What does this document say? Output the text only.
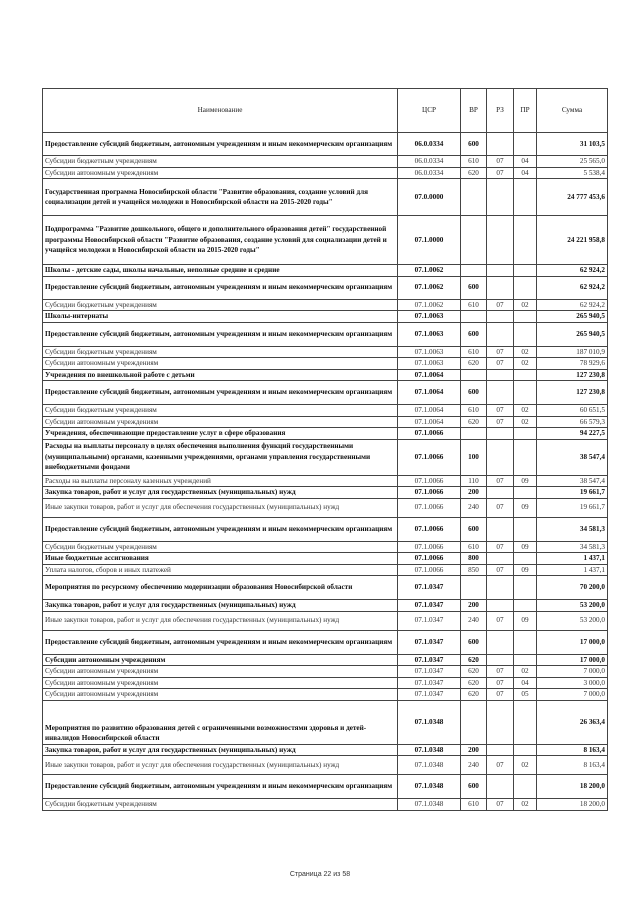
Наименование	ЦСР	ВР	РЗ	ПР	Сумма
Предоставление субсидий бюджетным, автономным учреждениям и иным некоммерческим организациям	06.0.0334	600			31 103,5
Субсидии бюджетным учреждениям	06.0.0334	610	07	04	25 565,0
Субсидии автономным учреждениям	06.0.0334	620	07	04	5 538,4
Государственная программа Новосибирской области "Развитие образования, создание условий для социализации детей и учащейся молодежи в Новосибирской области на 2015-2020 годы"	07.0.0000				24 777 453,6
Подпрограмма "Развитие дошкольного, общего и дополнительного образования детей" государственной программы Новосибирской области "Развитие образования, создание условий для социализации детей и учащейся молодежи в Новосибирской области на 2015-2020 годы"	07.1.0000				24 221 958,8
Школы - детские сады, школы начальные, неполные средние и средние	07.1.0062				62 924,2
Предоставление субсидий бюджетным, автономным учреждениям и иным некоммерческим организациям	07.1.0062	600			62 924,2
Субсидии бюджетным учреждениям	07.1.0062	610	07	02	62 924,2
Школы-интернаты	07.1.0063				265 940,5
Предоставление субсидий бюджетным, автономным учреждениям и иным некоммерческим организациям	07.1.0063	600			265 940,5
Субсидии бюджетным учреждениям	07.1.0063	610	07	02	187 010,9
Субсидии автономным учреждениям	07.1.0063	620	07	02	78 929,6
Учреждения по внешкольной работе с детьми	07.1.0064				127 230,8
Предоставление субсидий бюджетным, автономным учреждениям и иным некоммерческим организациям	07.1.0064	600			127 230,8
Субсидии бюджетным учреждениям	07.1.0064	610	07	02	60 651,5
Субсидии автономным учреждениям	07.1.0064	620	07	02	66 579,3
Учреждения, обеспечивающие предоставление услуг в сфере образования	07.1.0066				94 227,5
Расходы на выплаты персоналу в целях обеспечения выполнения функций государственными (муниципальными) органами, казенными учреждениями, органами управления государственными внебюджетными фондами	07.1.0066	100			38 547,4
Расходы на выплаты персоналу казенных учреждений	07.1.0066	110	07	09	38 547,4
Закупка товаров, работ и услуг для государственных (муниципальных) нужд	07.1.0066	200			19 661,7
Иные закупки товаров, работ и услуг для обеспечения государственных (муниципальных) нужд	07.1.0066	240	07	09	19 661,7
Предоставление субсидий бюджетным, автономным учреждениям и иным некоммерческим организациям	07.1.0066	600			34 581,3
Субсидии бюджетным учреждениям	07.1.0066	610	07	09	34 581,3
Иные бюджетные ассигнования	07.1.0066	800			1 437,1
Уплата налогов, сборов и иных платежей	07.1.0066	850	07	09	1 437,1
Мероприятия по ресурсному обеспечению модернизации образования Новосибирской области	07.1.0347				70 200,0
Закупка товаров, работ и услуг для государственных (муниципальных) нужд	07.1.0347	200			53 200,0
Иные закупки товаров, работ и услуг для обеспечения государственных (муниципальных) нужд	07.1.0347	240	07	09	53 200,0
Предоставление субсидий бюджетным, автономным учреждениям и иным некоммерческим организациям	07.1.0347	600			17 000,0
Субсидии автономным учреждениям	07.1.0347	620			17 000,0
Субсидии автономным учреждениям	07.1.0347	620	07	02	7 000,0
Субсидии автономным учреждениям	07.1.0347	620	07	04	3 000,0
Субсидии автономным учреждениям	07.1.0347	620	07	05	7 000,0
Мероприятия по развитию образования детей с ограниченными возможностями здоровья и детей-инвалидов Новосибирской области	07.1.0348				26 363,4
Закупка товаров, работ и услуг для государственных (муниципальных) нужд	07.1.0348	200			8 163,4
Иные закупки товаров, работ и услуг для обеспечения государственных (муниципальных) нужд	07.1.0348	240	07	02	8 163,4
Предоставление субсидий бюджетным, автономным учреждениям и иным некоммерческим организациям	07.1.0348	600			18 200,0
Субсидии бюджетным учреждениям	07.1.0348	610	07	02	18 200,0
Страница 22 из 58
